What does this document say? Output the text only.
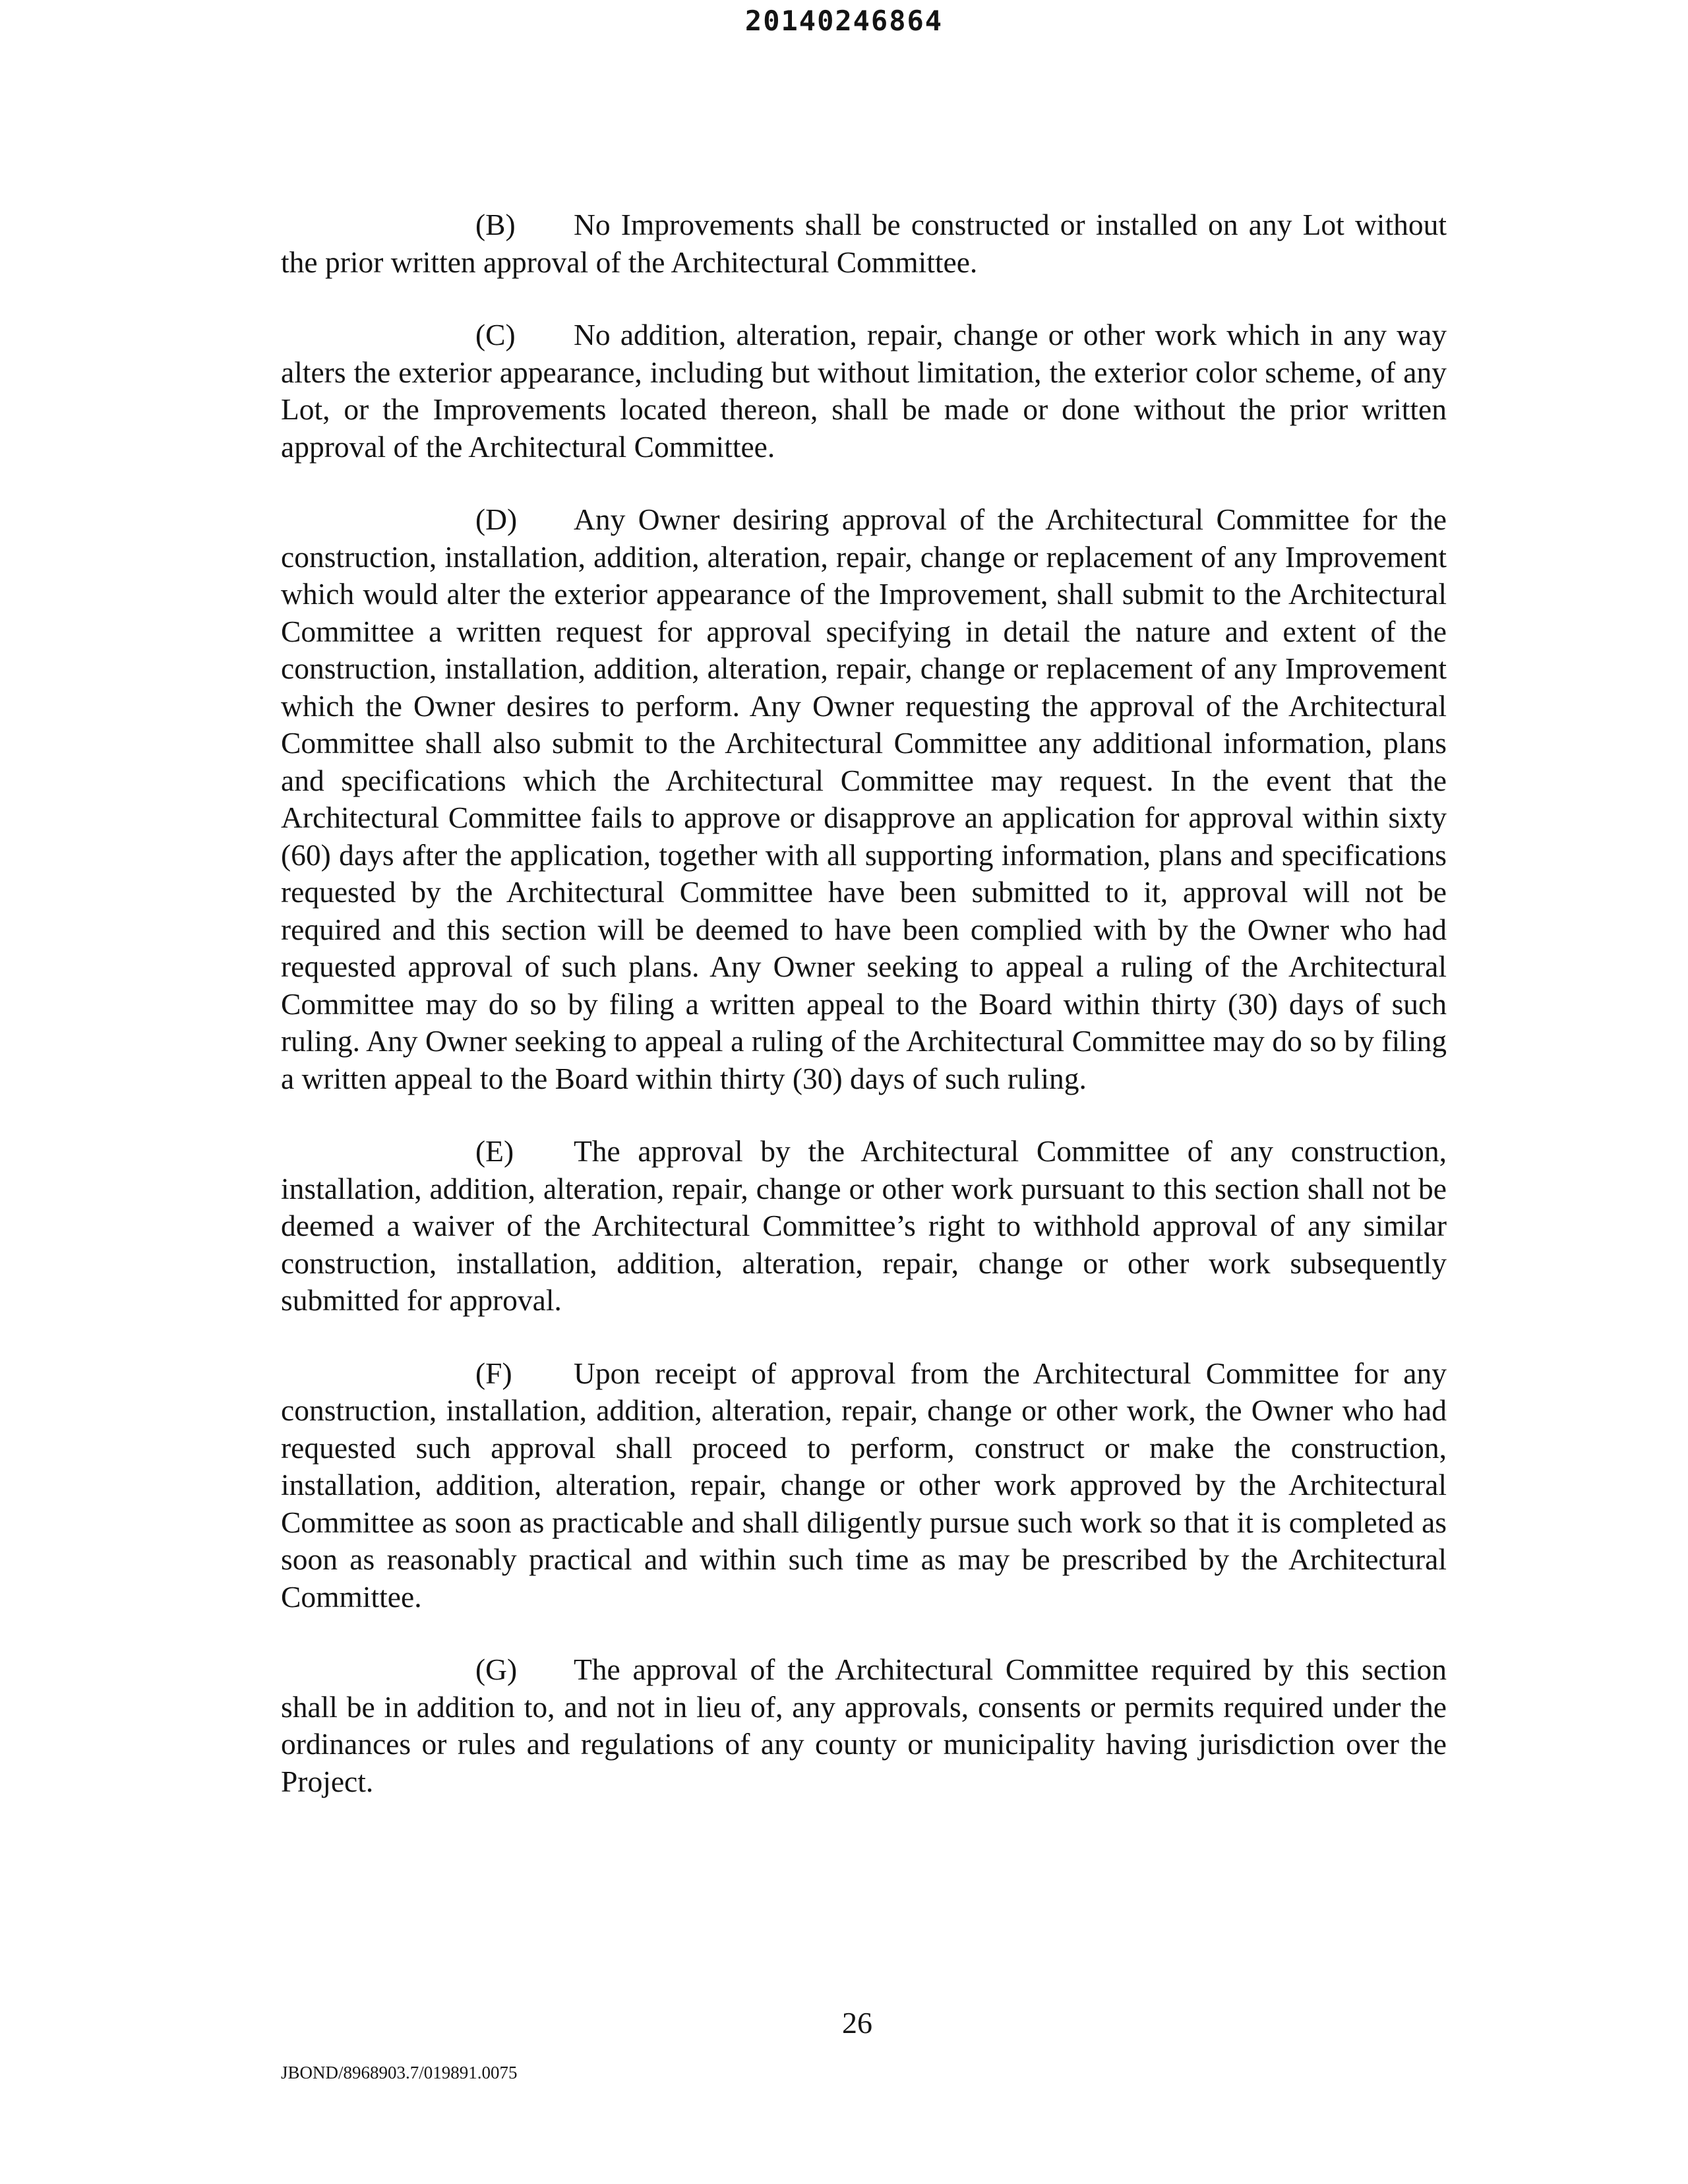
20140246864

(B) No Improvements shall be constructed or installed on any Lot without the prior written approval of the Architectural Committee.

(C) No addition, alteration, repair, change or other work which in any way alters the exterior appearance, including but without limitation, the exterior color scheme, of any Lot, or the Improvements located thereon, shall be made or done without the prior written approval of the Architectural Committee.

(D) Any Owner desiring approval of the Architectural Committee for the construction, installation, addition, alteration, repair, change or replacement of any Improvement which would alter the exterior appearance of the Improvement, shall submit to the Architectural Committee a written request for approval specifying in detail the nature and extent of the construction, installation, addition, alteration, repair, change or replacement of any Improvement which the Owner desires to perform. Any Owner requesting the approval of the Architectural Committee shall also submit to the Architectural Committee any additional information, plans and specifications which the Architectural Committee may request. In the event that the Architectural Committee fails to approve or disapprove an application for approval within sixty (60) days after the application, together with all supporting information, plans and specifications requested by the Architectural Committee have been submitted to it, approval will not be required and this section will be deemed to have been complied with by the Owner who had requested approval of such plans. Any Owner seeking to appeal a ruling of the Architectural Committee may do so by filing a written appeal to the Board within thirty (30) days of such ruling. Any Owner seeking to appeal a ruling of the Architectural Committee may do so by filing a written appeal to the Board within thirty (30) days of such ruling.

(E) The approval by the Architectural Committee of any construction, installation, addition, alteration, repair, change or other work pursuant to this section shall not be deemed a waiver of the Architectural Committee’s right to withhold approval of any similar construction, installation, addition, alteration, repair, change or other work subsequently submitted for approval.

(F) Upon receipt of approval from the Architectural Committee for any construction, installation, addition, alteration, repair, change or other work, the Owner who had requested such approval shall proceed to perform, construct or make the construction, installation, addition, alteration, repair, change or other work approved by the Architectural Committee as soon as practicable and shall diligently pursue such work so that it is completed as soon as reasonably practical and within such time as may be prescribed by the Architectural Committee.

(G) The approval of the Architectural Committee required by this section shall be in addition to, and not in lieu of, any approvals, consents or permits required under the ordinances or rules and regulations of any county or municipality having jurisdiction over the Project.

26
JBOND/8968903.7/019891.0075
